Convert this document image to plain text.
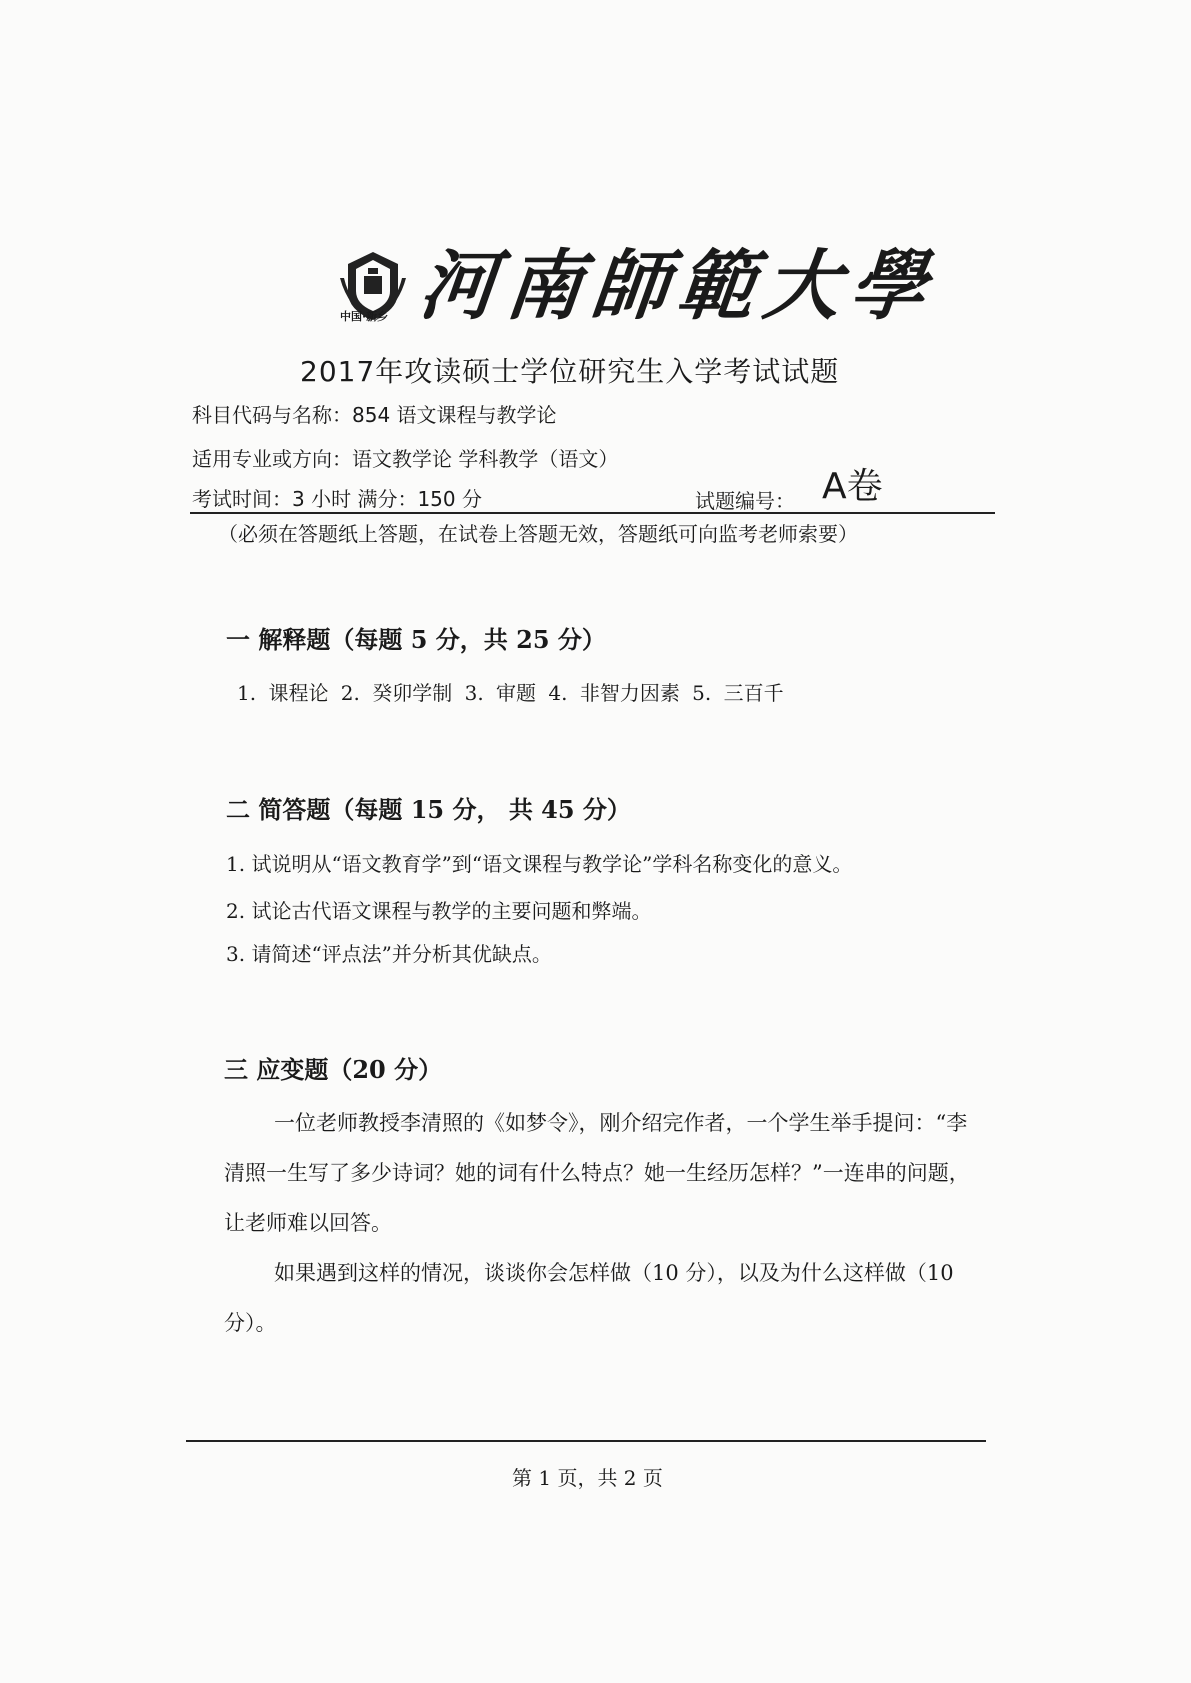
中国·新乡 河南師範大學
2017年攻读硕士学位研究生入学考试试题
科目代码与名称：854 语文课程与教学论
适用专业或方向：语文教学论 学科教学（语文）
考试时间：3 小时 满分：150 分	试题编号： A卷
（必须在答题纸上答题，在试卷上答题无效，答题纸可向监考老师索要）
一 解释题（每题 5 分，共 25 分）
1. 课程论 2. 癸卯学制 3. 审题 4. 非智力因素 5. 三百千
二 简答题（每题 15 分， 共 45 分）
1. 试说明从“语文教育学”到“语文课程与教学论”学科名称变化的意义。
2. 试论古代语文课程与教学的主要问题和弊端。
3. 请简述“评点法”并分析其优缺点。
三 应变题（20 分）
一位老师教授李清照的《如梦令》，刚介绍完作者，一个学生举手提问：“李清照一生写了多少诗词？她的词有什么特点？她一生经历怎样？”一连串的问题，让老师难以回答。
如果遇到这样的情况，谈谈你会怎样做（10 分），以及为什么这样做（10 分）。
第 1 页，共 2 页
